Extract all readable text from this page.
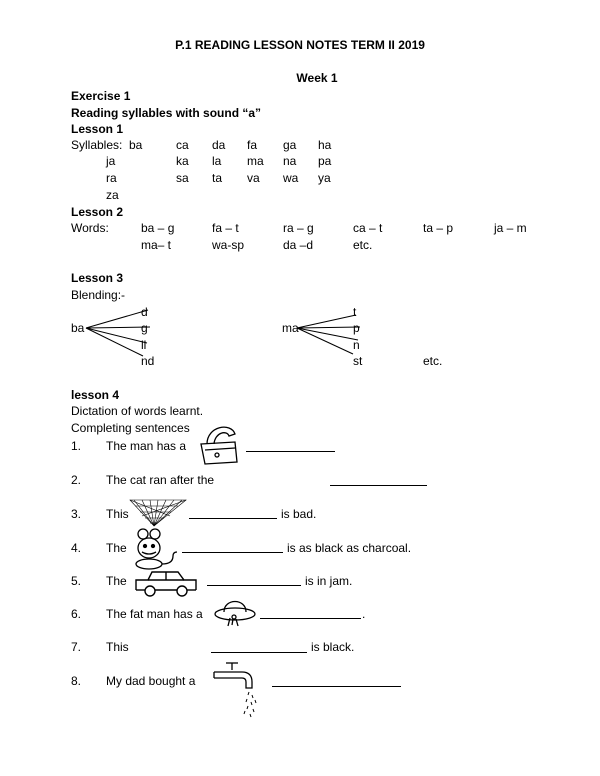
P.1 READING LESSON NOTES TERM II 2019
Week 1
Exercise 1
Reading syllables with sound “a”
Lesson 1
Syllables: ba	ca da fa ga ha
ja	ka la ma na pa
ra	sa ta va wa ya
za
Lesson 2
Words:	ba – g	fa – t	ra – g	ca – t	ta – p	ja – m
ma– t	wa-sp	da –d	etc.
Lesson 3
Blending:-
ba
d
g
ll
nd
ma
t
p
n
st	etc.
lesson 4
Dictation of words learnt.
Completing sentences
1. The man has a
2. The cat ran after the
3. This	is bad.
4. The	is as black as charcoal.
5. The	is in jam.
6. The fat man has a	.
7. This	is black.
8. My dad bought a
